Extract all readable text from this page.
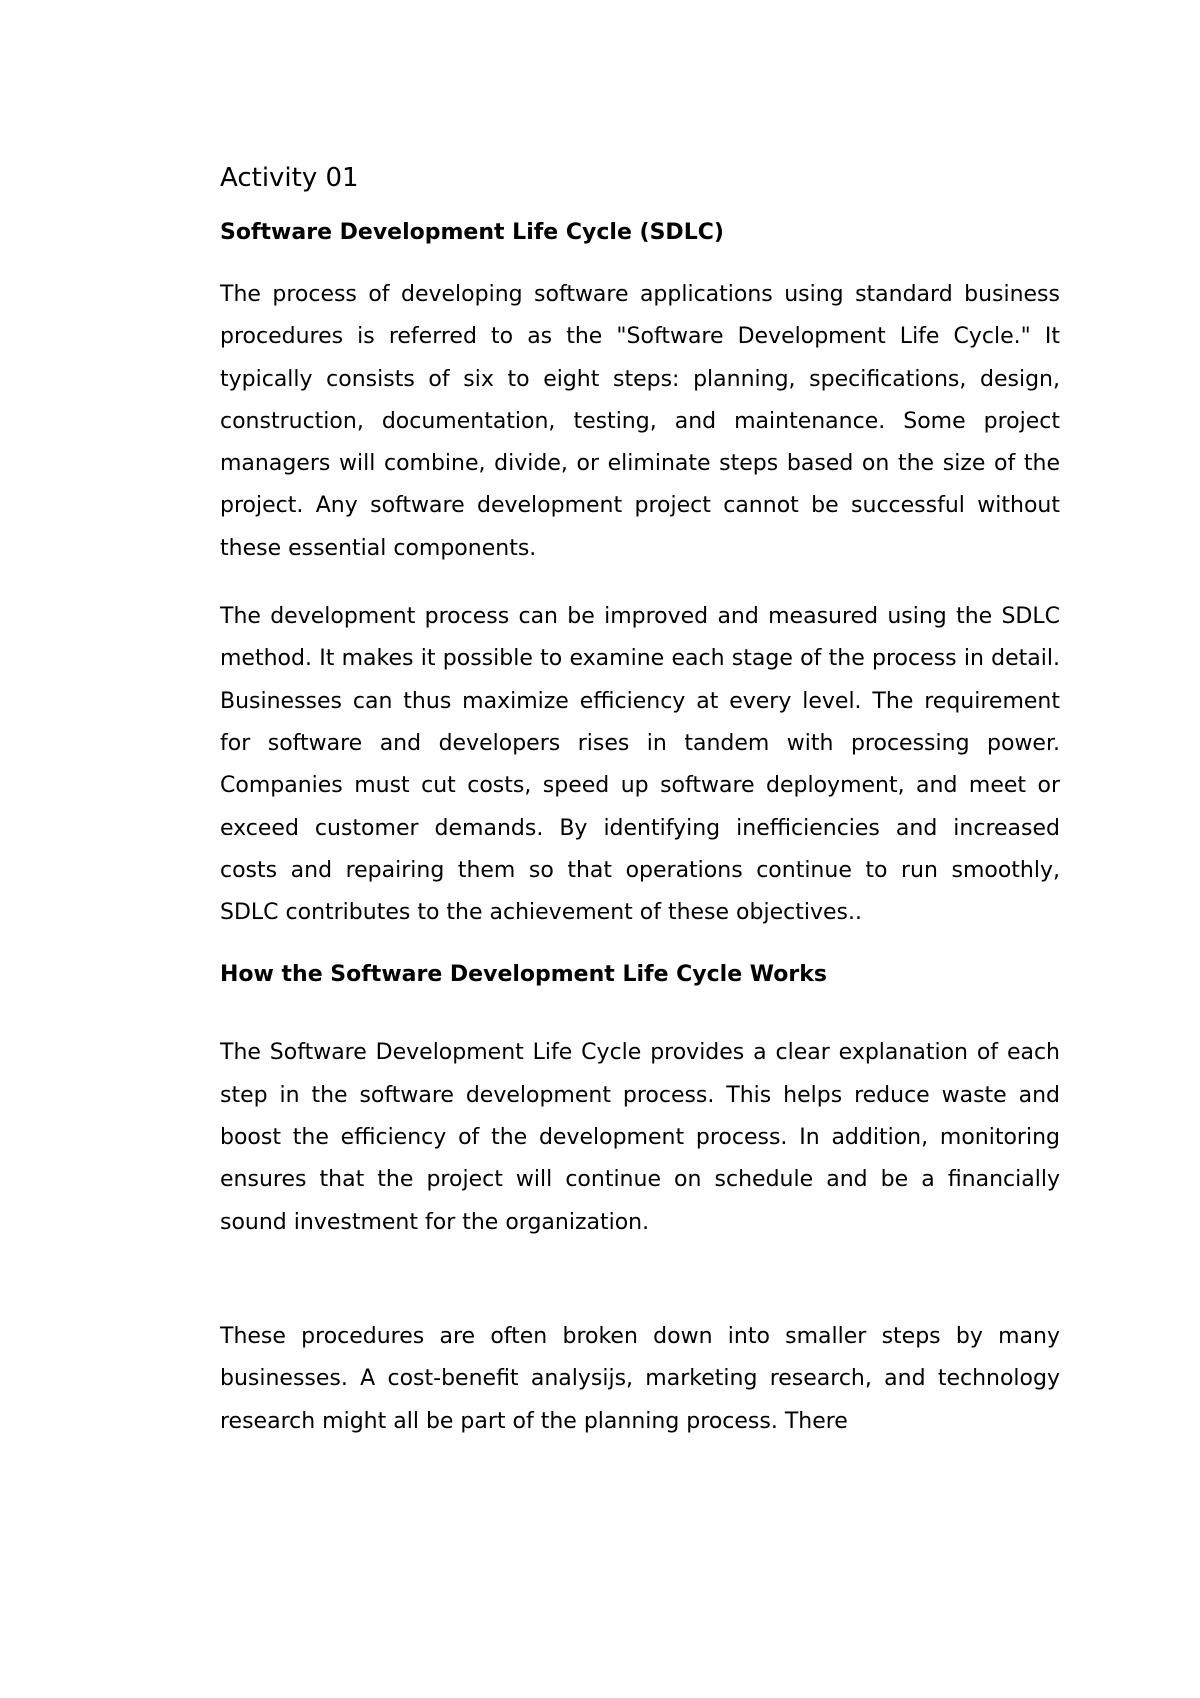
Activity 01
Software Development Life Cycle (SDLC)

The process of developing software applications using standard business procedures is referred to as the "Software Development Life Cycle." It typically consists of six to eight steps: planning, specifications, design, construction, documentation, testing, and maintenance. Some project managers will combine, divide, or eliminate steps based on the size of the project. Any software development project cannot be successful without these essential components.

The development process can be improved and measured using the SDLC method. It makes it possible to examine each stage of the process in detail. Businesses can thus maximize efficiency at every level. The requirement for software and developers rises in tandem with processing power. Companies must cut costs, speed up software deployment, and meet or exceed customer demands. By identifying inefficiencies and increased costs and repairing them so that operations continue to run smoothly, SDLC contributes to the achievement of these objectives..

How the Software Development Life Cycle Works

The Software Development Life Cycle provides a clear explanation of each step in the software development process. This helps reduce waste and boost the efficiency of the development process. In addition, monitoring ensures that the project will continue on schedule and be a financially sound investment for the organization.

These procedures are often broken down into smaller steps by many businesses. A cost-benefit analysijs, marketing research, and technology research might all be part of the planning process. There
